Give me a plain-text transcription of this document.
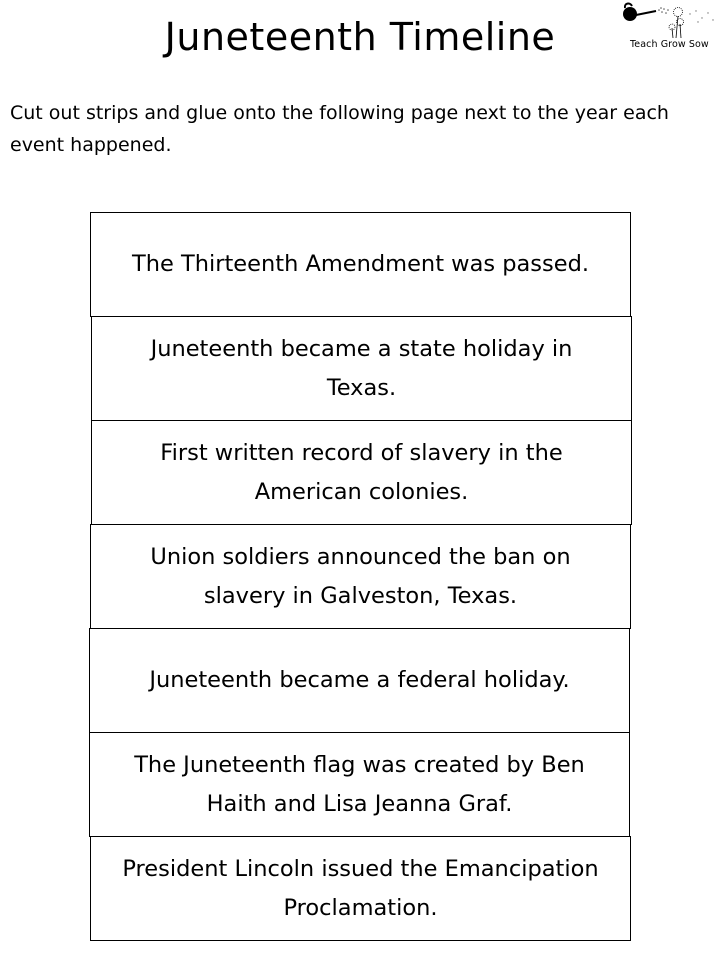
Juneteenth Timeline	Teach Grow Sow

Cut out strips and glue onto the following page next to the year each event happened.

The Thirteenth Amendment was passed.
Juneteenth became a state holiday in Texas.
First written record of slavery in the American colonies.
Union soldiers announced the ban on slavery in Galveston, Texas.
Juneteenth became a federal holiday.
The Juneteenth flag was created by Ben Haith and Lisa Jeanna Graf.
President Lincoln issued the Emancipation Proclamation.
